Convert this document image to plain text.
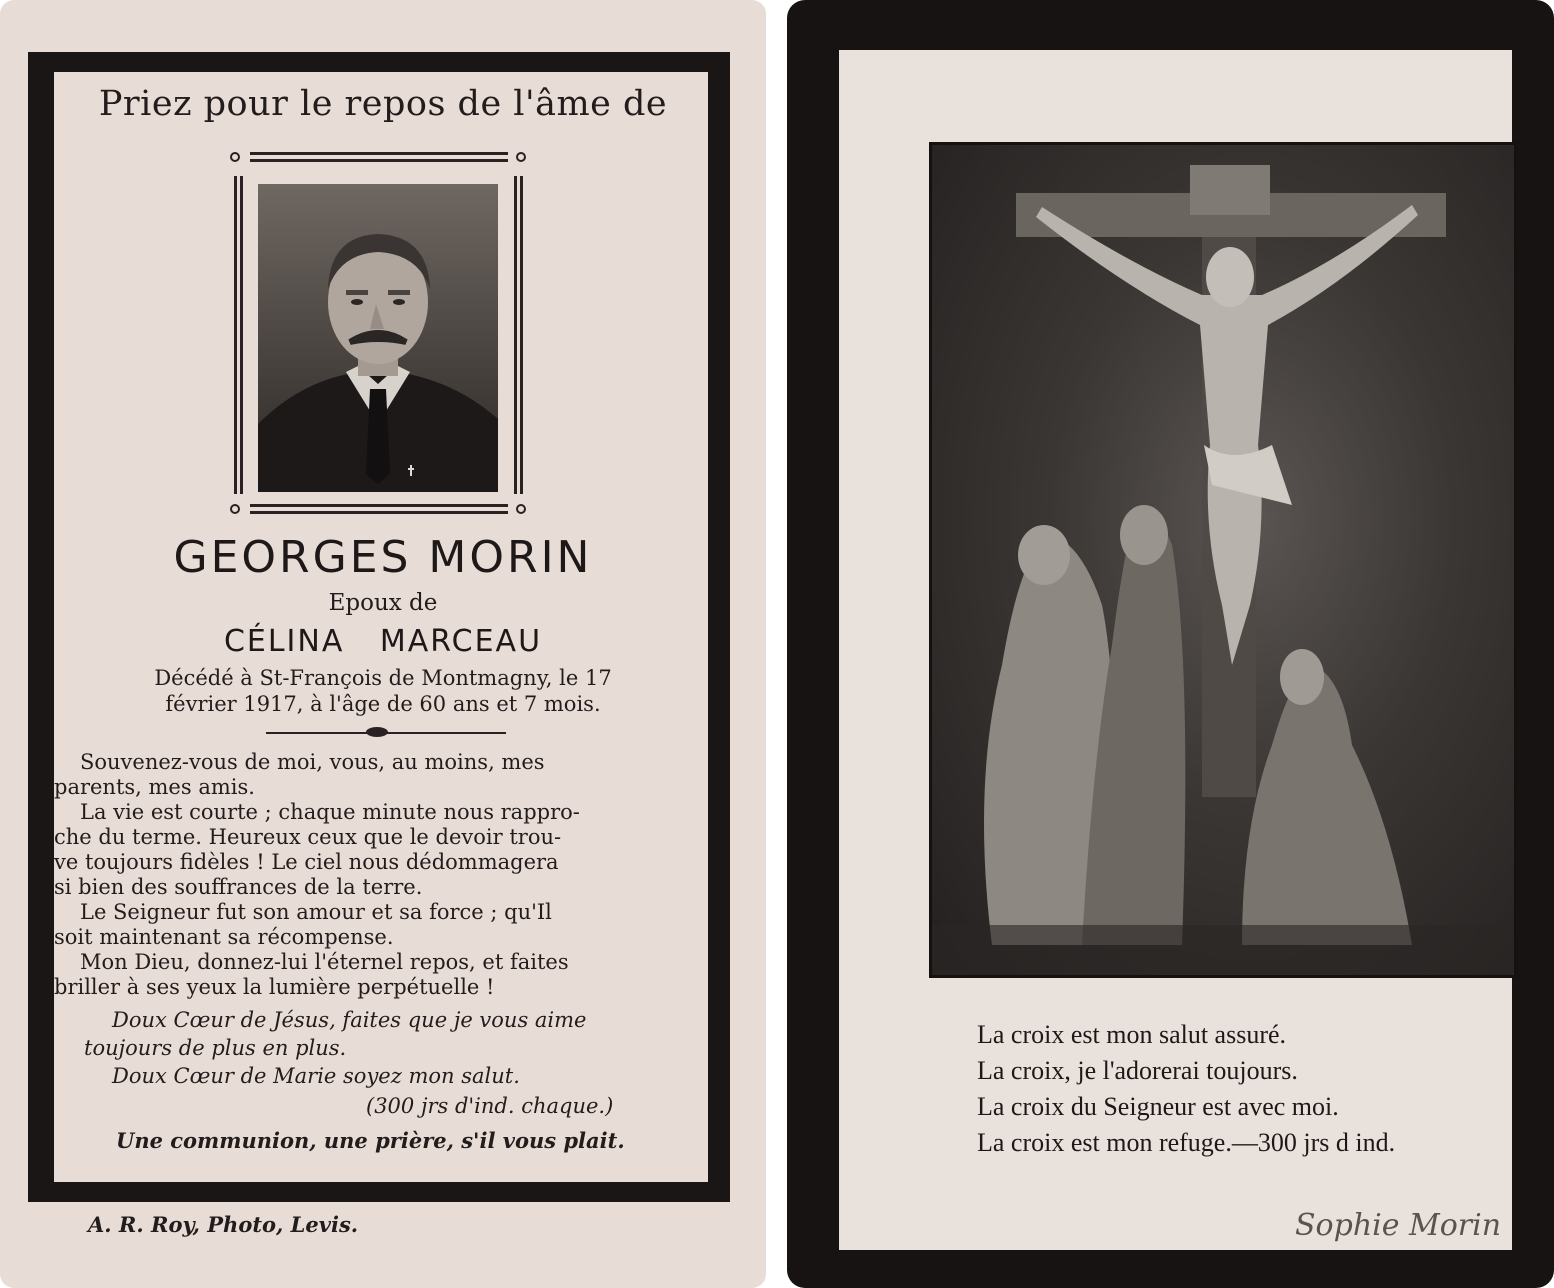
Priez pour le repos de l'âme de
GEORGES MORIN
Epoux de
CÉLINA MARCEAU
Décédé à St-François de Montmagny, le 17
février 1917, à l'âge de 60 ans et 7 mois.
Souvenez-vous de moi, vous, au moins, mes
parents, mes amis.
La vie est courte ; chaque minute nous rappro-
che du terme. Heureux ceux que le devoir trou-
ve toujours fidèles ! Le ciel nous dédommagera
si bien des souffrances de la terre.
Le Seigneur fut son amour et sa force ; qu'Il
soit maintenant sa récompense.
Mon Dieu, donnez-lui l'éternel repos, et faites
briller à ses yeux la lumière perpétuelle !
Doux Cœur de Jésus, faites que je vous aime
toujours de plus en plus.
Doux Cœur de Marie soyez mon salut.
(300 jrs d'ind. chaque.)
Une communion, une prière, s'il vous plait.
A. R. Roy, Photo, Levis.
La croix est mon salut assuré.
La croix, je l'adorerai toujours.
La croix du Seigneur est avec moi.
La croix est mon refuge.—300 jrs d ind.
Sophie Morin
